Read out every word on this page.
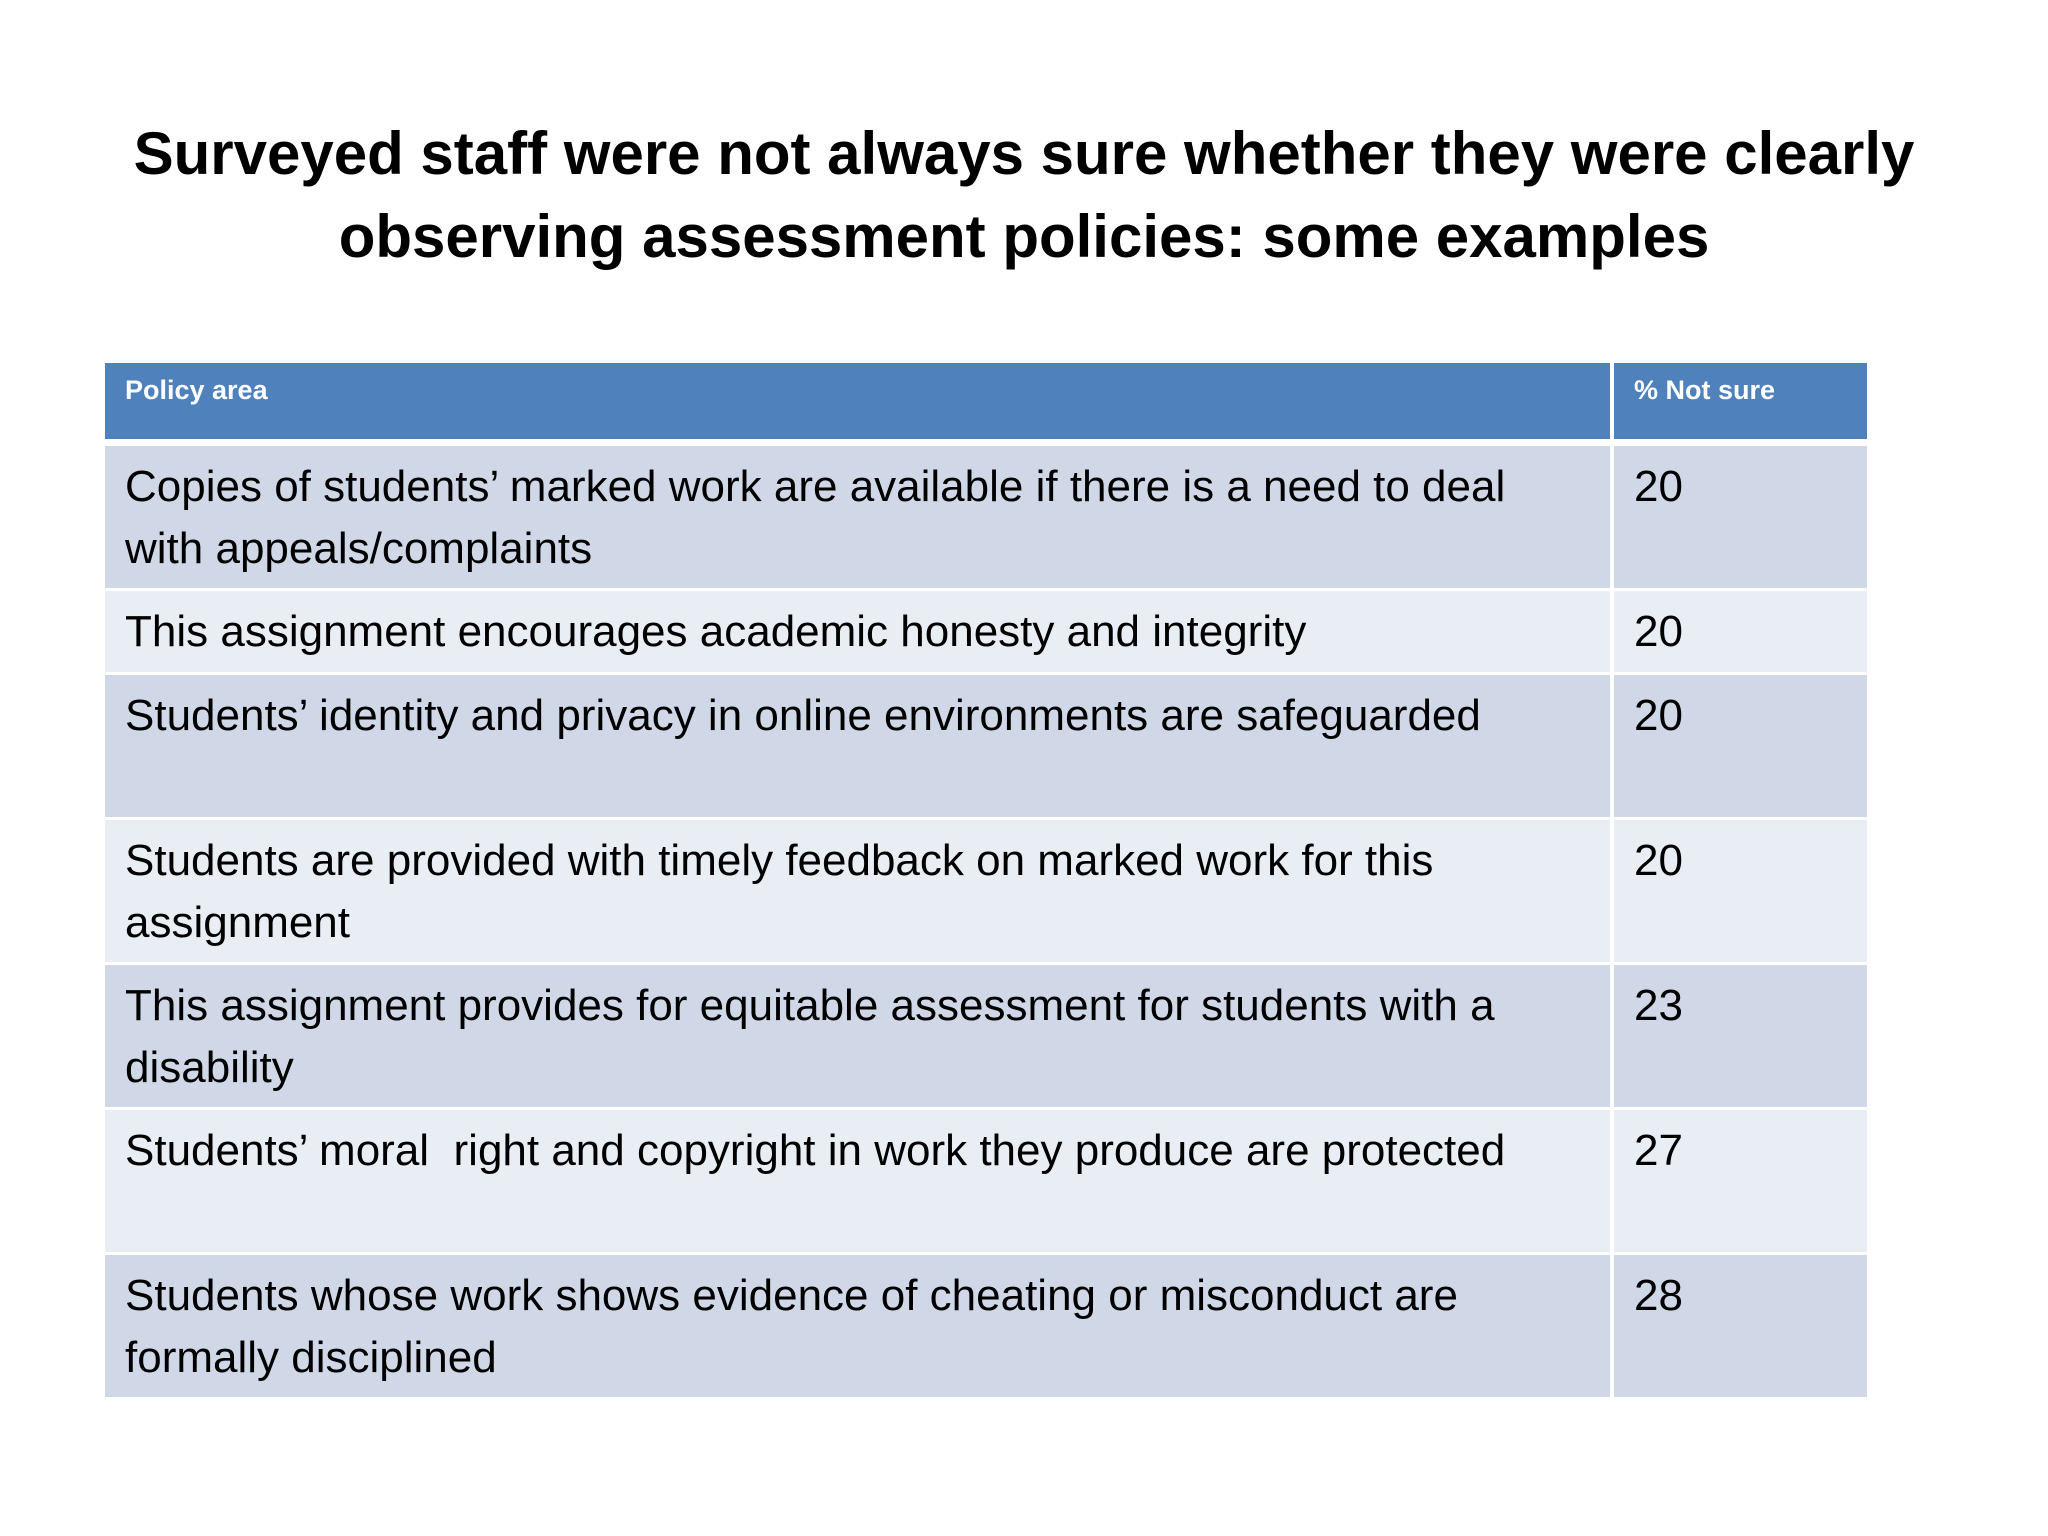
Surveyed staff were not always sure whether they were clearly observing assessment policies: some examples
Policy area	% Not sure
Copies of students’ marked work are available if there is a need to deal with appeals/complaints	20
This assignment encourages academic honesty and integrity	20
Students’ identity and privacy in online environments are safeguarded	20
Students are provided with timely feedback on marked work for this assignment	20
This assignment provides for equitable assessment for students with a disability	23
Students’ moral  right and copyright in work they produce are protected	27
Students whose work shows evidence of cheating or misconduct are formally disciplined	28
